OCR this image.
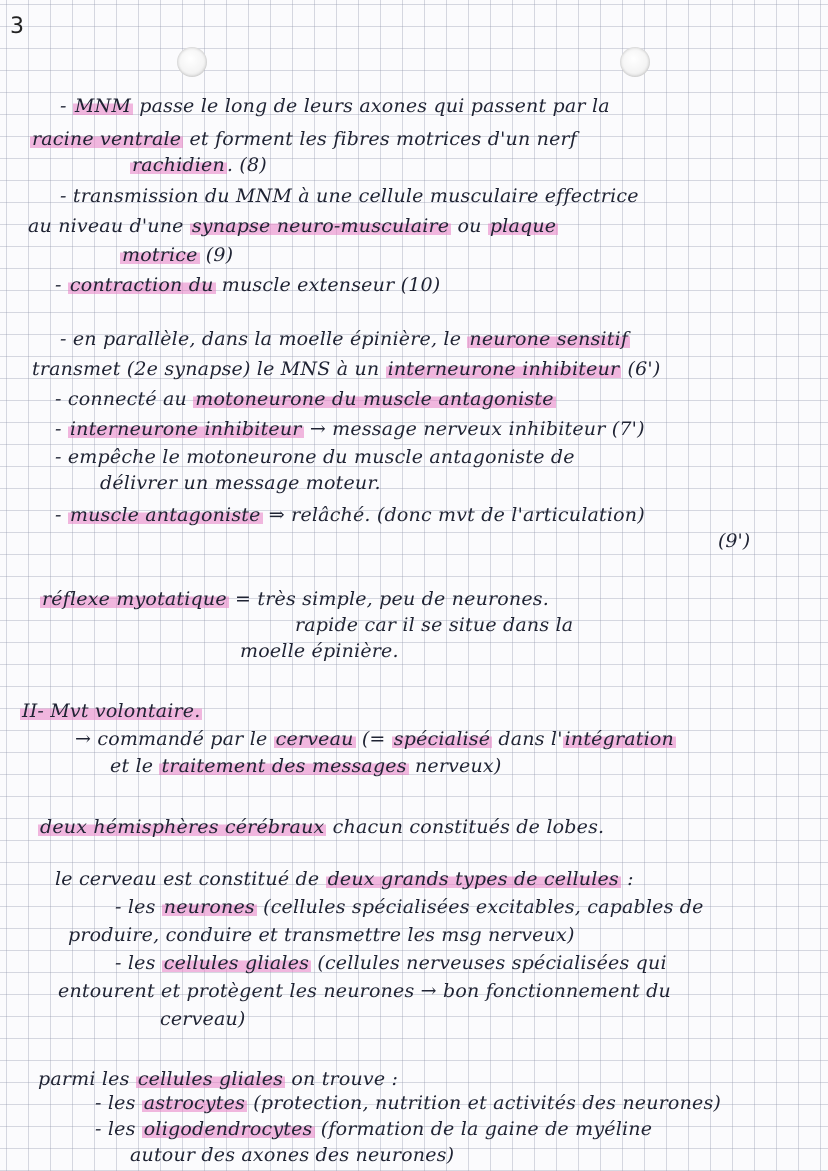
3
- MNM passe le long de leurs axones qui passent par la
racine ventrale et forment les fibres motrices d'un nerf
rachidien . (8)
- transmission du MNM à une cellule musculaire effectrice
au niveau d'une synapse neuro-musculaire ou plaque
motrice (9)
- contraction du muscle extenseur (10)
- en parallèle, dans la moelle épinière, le neurone sensitif
transmet (2e synapse) le MNS à un interneurone inhibiteur (6')
- connecté au motoneurone du muscle antagoniste
- interneurone inhibiteur → message nerveux inhibiteur (7')
- empêche le motoneurone du muscle antagoniste de
délivrer un message moteur.
- muscle antagoniste ⇒ relâché. (donc mvt de l'articulation)
(9')
réflexe myotatique = très simple, peu de neurones.
rapide car il se situe dans la
moelle épinière.
II- Mvt volontaire.
→ commandé par le cerveau (= spécialisé dans l' intégration
et le traitement des messages nerveux)
deux hémisphères cérébraux chacun constitués de lobes.
le cerveau est constitué de deux grands types de cellules :
- les neurones (cellules spécialisées excitables, capables de
produire, conduire et transmettre les msg nerveux)
- les cellules gliales (cellules nerveuses spécialisées qui
entourent et protègent les neurones → bon fonctionnement du
cerveau)
parmi les cellules gliales on trouve :
- les astrocytes (protection, nutrition et activités des neurones)
- les oligodendrocytes (formation de la gaine de myéline
autour des axones des neurones)
